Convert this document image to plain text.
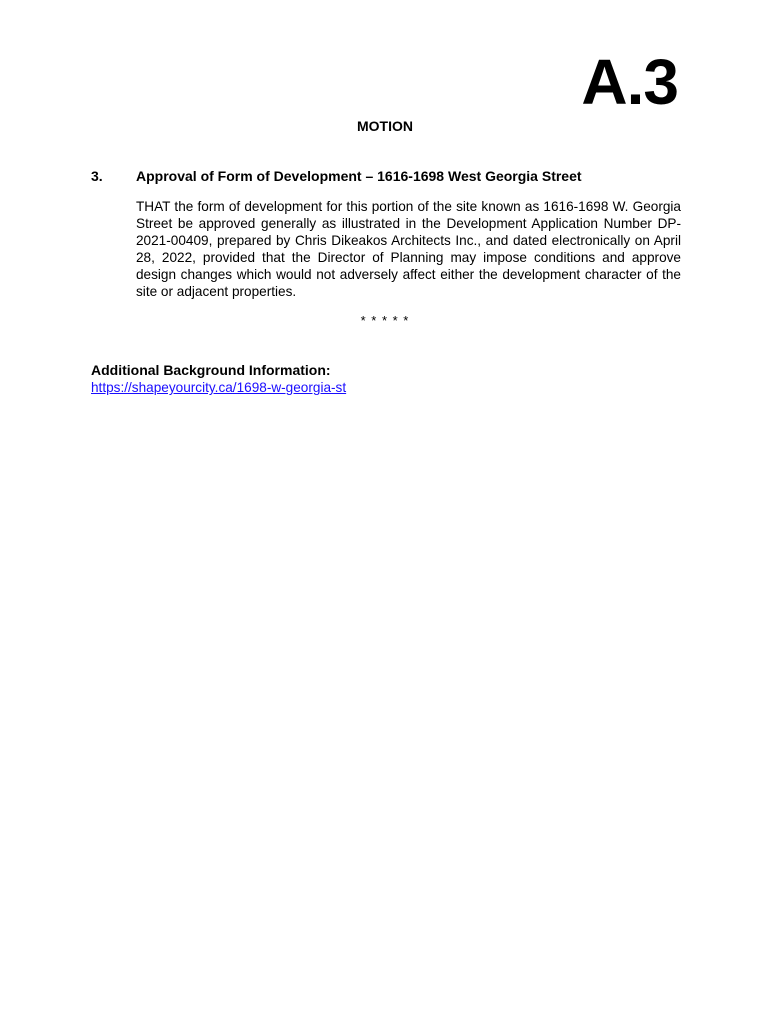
A.3
MOTION
3. Approval of Form of Development – 1616-1698 West Georgia Street
THAT the form of development for this portion of the site known as 1616-1698 W. Georgia Street be approved generally as illustrated in the Development Application Number DP-2021-00409, prepared by Chris Dikeakos Architects Inc., and dated electronically on April 28, 2022, provided that the Director of Planning may impose conditions and approve design changes which would not adversely affect either the development character of the site or adjacent properties.
* * * * *
Additional Background Information:
https://shapeyourcity.ca/1698-w-georgia-st
